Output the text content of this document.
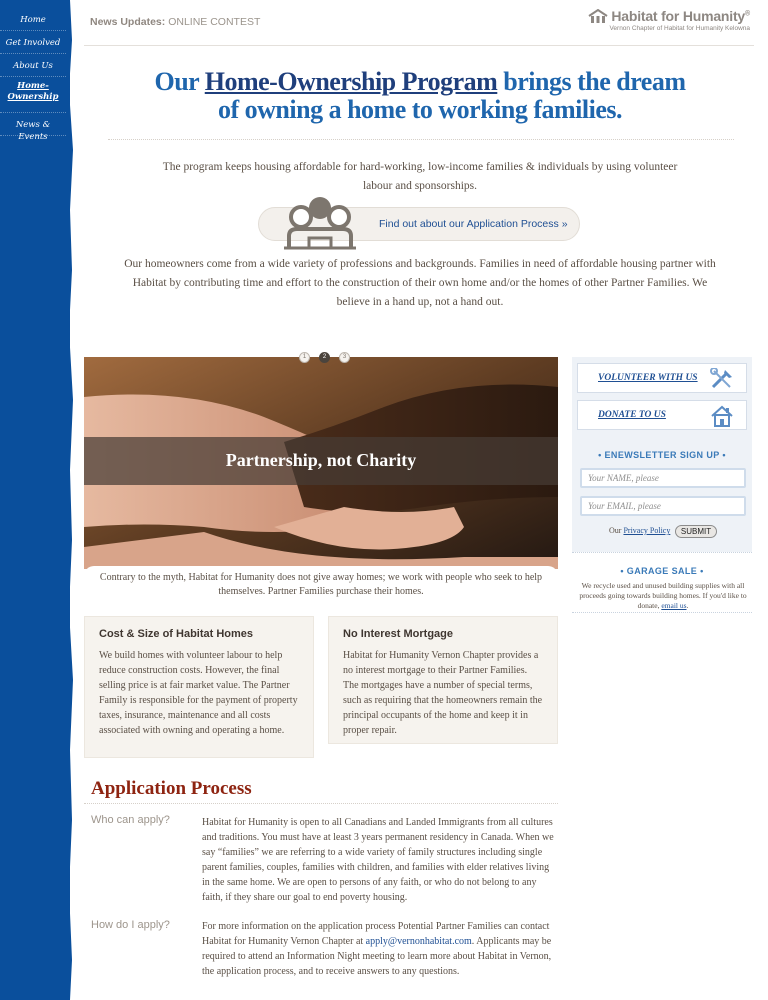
Home
Get Involved
About Us
Home-
Ownership
News & Events
News Updates: ONLINE CONTEST	Habitat for Humanity®
Vernon Chapter of Habitat for Humanity Kelowna
Our Home-Ownership Program brings the dream
of owning a home to working families.

The program keeps housing affordable for hard-working, low-income families & individuals by using volunteer labour and sponsorships.

Find out about our Application Process »

Our homeowners come from a wide variety of professions and backgrounds. Families in need of affordable housing partner with Habitat by contributing time and effort to the construction of their own home and/or the homes of other Partner Families. We believe in a hand up, not a hand out.

Partnership, not Charity
1	2	3

Contrary to the myth, Habitat for Humanity does not give away homes; we work with people who seek to help themselves. Partner Families purchase their homes.

Cost & Size of Habitat Homes

We build homes with volunteer labour to help reduce construction costs. However, the final selling price is at fair market value. The Partner Family is responsible for the payment of property taxes, insurance, maintenance and all costs associated with owning and operating a home.

No Interest Mortgage

Habitat for Humanity Vernon Chapter provides a no interest mortgage to their Partner Families. The mortgages have a number of special terms, such as requiring that the homeowners remain the principal occupants of the home and keep it in proper repair.

Application Process
Who can apply?	Habitat for Humanity is open to all Canadians and Landed Immigrants from all cultures and traditions. You must have at least 3 years permanent residency in Canada. When we say “families” we are referring to a wide variety of family structures including single parent families, couples, families with children, and families with elder relatives living in the same home. We are open to persons of any faith, or who do not belong to any faith, if they share our goal to end poverty housing.

How do I apply?	For more information on the application process Potential Partner Families can contact Habitat for Humanity Vernon Chapter at apply@vernonhabitat.com. Applicants may be required to attend an Information Night meeting to learn more about Habitat in Vernon, the application process, and to receive answers to any questions.

VOLUNTEER WITH US
DONATE TO US
• ENEWSLETTER SIGN UP •
Your NAME, please
Your EMAIL, please
Our Privacy Policy	SUBMIT
• GARAGE SALE •

We recycle used and unused building supplies with all proceeds going towards building homes. If you'd like to donate, email us.
